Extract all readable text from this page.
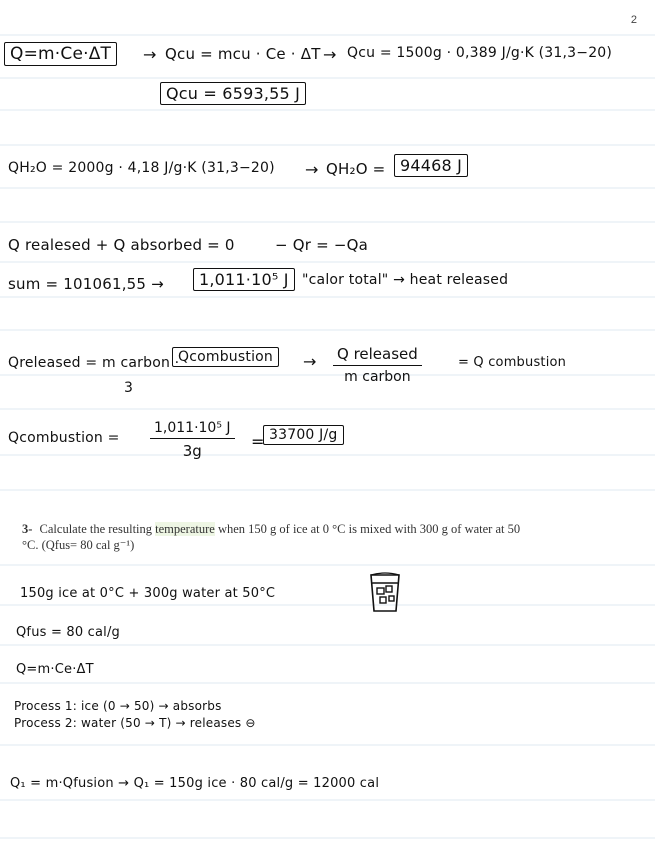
2
Q=m·Ce·ΔT	→ Qcu = mcu · Ce · ΔT → Qcu = 1500g · 0,389 J/g·K (31,3−20)
Qcu = 6593,55 J
QH₂O = 2000g · 4,18 J/g·K (31,3−20) → QH₂O = 94468 J
Q realesed + Q absorbed = 0	− Qr = −Qa
sum = 101061,55 →	1,011·10⁵ J "calor total" → heat released
Qreleased = m carbon ·
Qcombustion
3
→ Q released
m carbon
= Q combustion
Qcombustion = $\frac{\text{1,011·10⁵ J}}{3g} = 33700$ J/g
3- Calculate the resulting temperature when 150 g of ice at 0 °C is mixed with 300 g of water at 50 °C. (Qfus= 80 cal g⁻¹)
150g ice at 0°C + 300g water at 50°C
Qfus = 80 cal/g
Q=m·Ce·ΔT
Process 1: ice (0 → 50) → absorbs
Process 2: water (50 → T) → releases ⊖
Q₁ = m·Qfusion → Q₁ = 150g ice · 80 cal/g = 12000 cal
